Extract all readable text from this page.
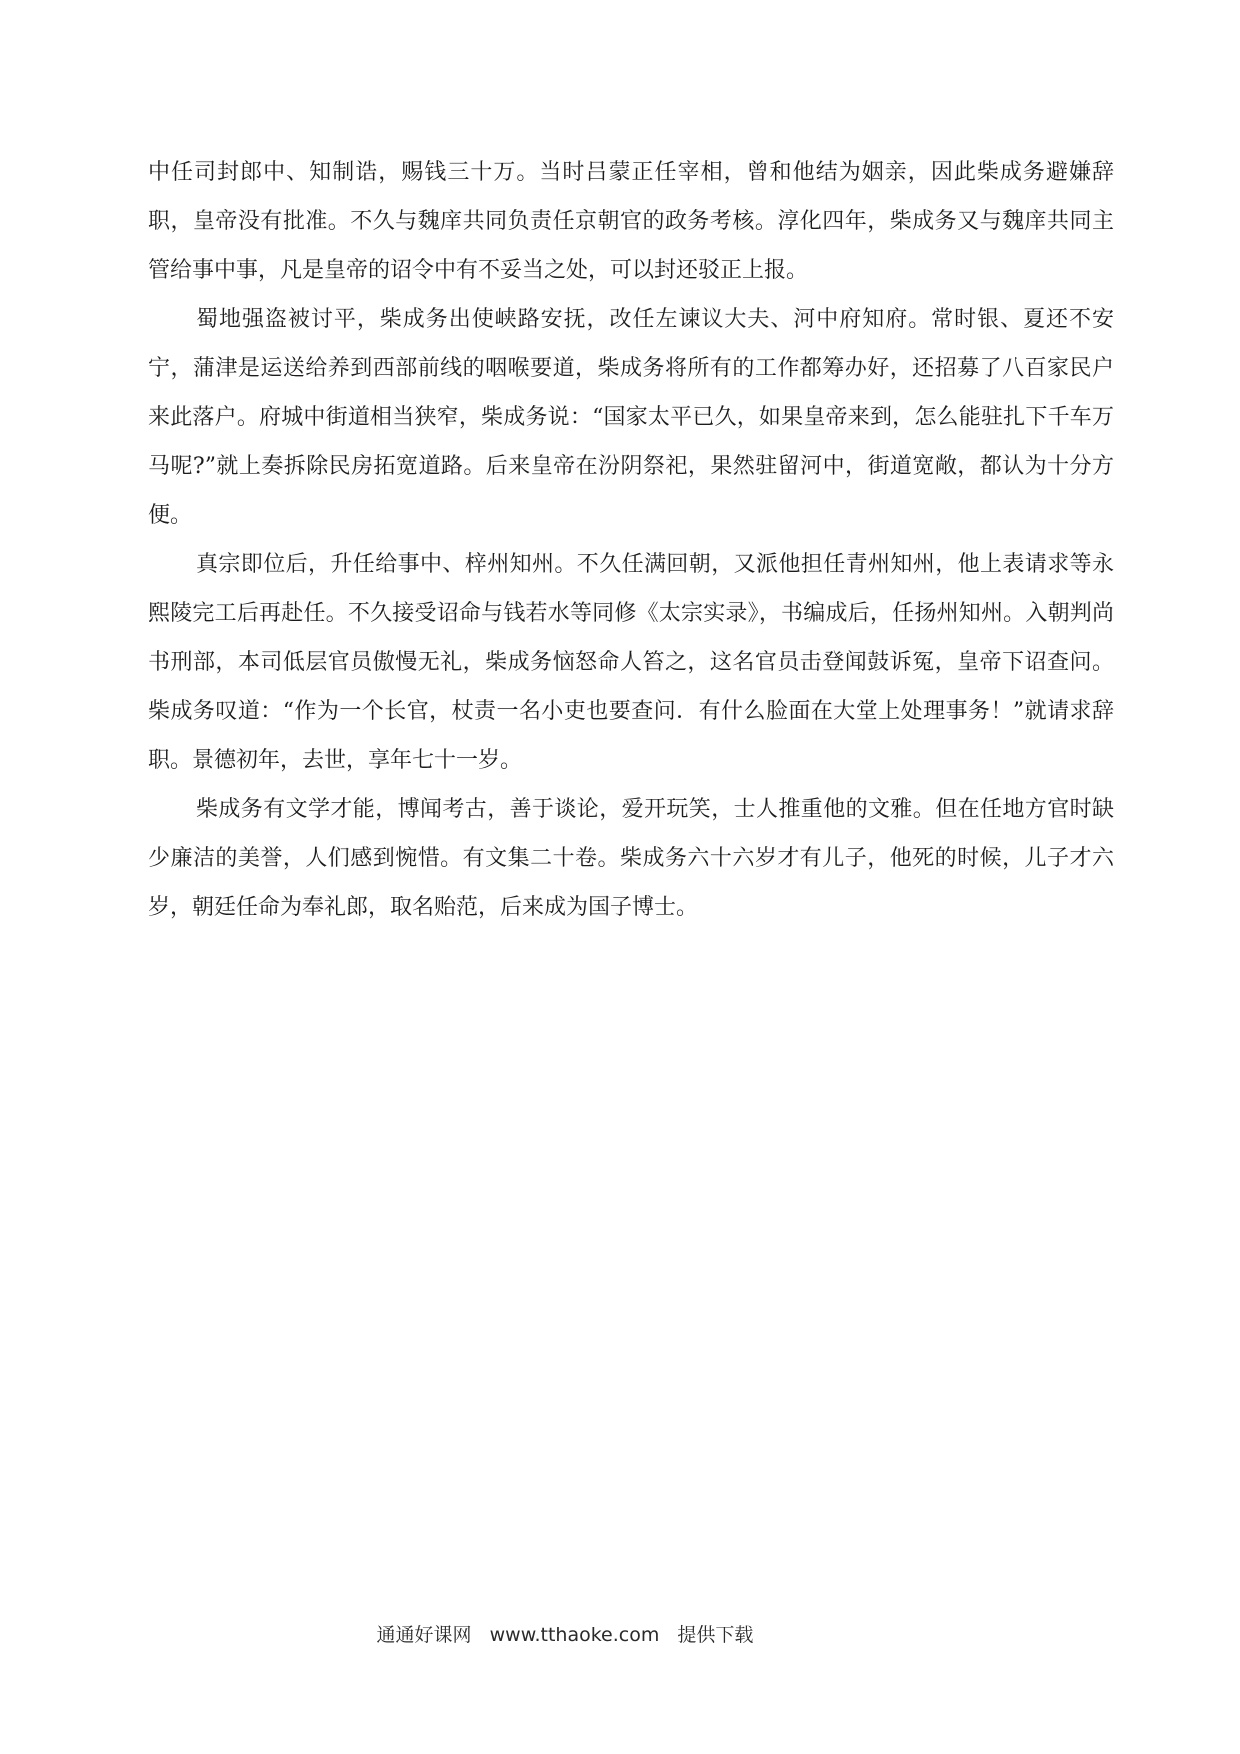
中任司封郎中、知制诰，赐钱三十万。当时吕蒙正任宰相，曾和他结为姻亲，因此柴成务避嫌辞职，皇帝没有批准。不久与魏庠共同负责任京朝官的政务考核。淳化四年，柴成务又与魏庠共同主管给事中事，凡是皇帝的诏令中有不妥当之处，可以封还驳正上报。

蜀地强盗被讨平，柴成务出使峡路安抚，改任左谏议大夫、河中府知府。常时银、夏还不安宁，蒲津是运送给养到西部前线的咽喉要道，柴成务将所有的工作都筹办好，还招募了八百家民户来此落户。府城中街道相当狭窄，柴成务说：“国家太平已久，如果皇帝来到，怎么能驻扎下千车万马呢?”就上奏拆除民房拓宽道路。后来皇帝在汾阴祭祀，果然驻留河中，街道宽敞，都认为十分方便。

真宗即位后，升任给事中、梓州知州。不久任满回朝，又派他担任青州知州，他上表请求等永熙陵完工后再赴任。不久接受诏命与钱若水等同修《太宗实录》，书编成后，任扬州知州。入朝判尚书刑部，本司低层官员傲慢无礼，柴成务恼怒命人笞之，这名官员击登闻鼓诉冤，皇帝下诏查问。柴成务叹道：“作为一个长官，杖责一名小吏也要查问．有什么脸面在大堂上处理事务！”就请求辞职。景德初年，去世，享年七十一岁。

柴成务有文学才能，博闻考古，善于谈论，爱开玩笑，士人推重他的文雅。但在任地方官时缺少廉洁的美誉，人们感到惋惜。有文集二十卷。柴成务六十六岁才有儿子，他死的时候，儿子才六岁，朝廷任命为奉礼郎，取名贻范，后来成为国子博士。

通通好课网 www.tthaoke.com 提供下载
